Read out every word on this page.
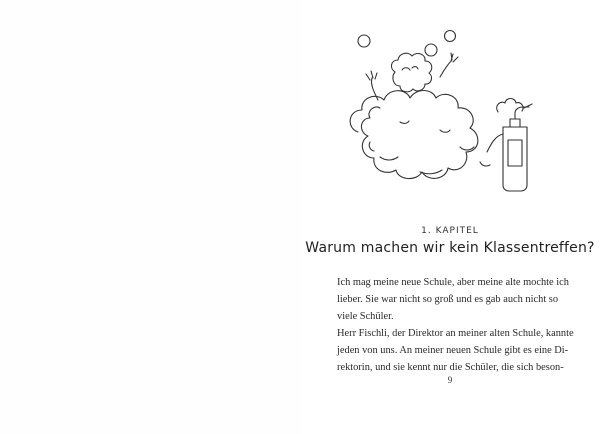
1. KAPITEL
Warum machen wir kein Klassentreffen?
Ich mag meine neue Schule, aber meine alte mochte ich
lieber. Sie war nicht so groß und es gab auch nicht so
viele Schüler.
Herr Fischli, der Direktor an meiner alten Schule, kannte
jeden von uns. An meiner neuen Schule gibt es eine Di-
rektorin, und sie kennt nur die Schüler, die sich beson-
9
